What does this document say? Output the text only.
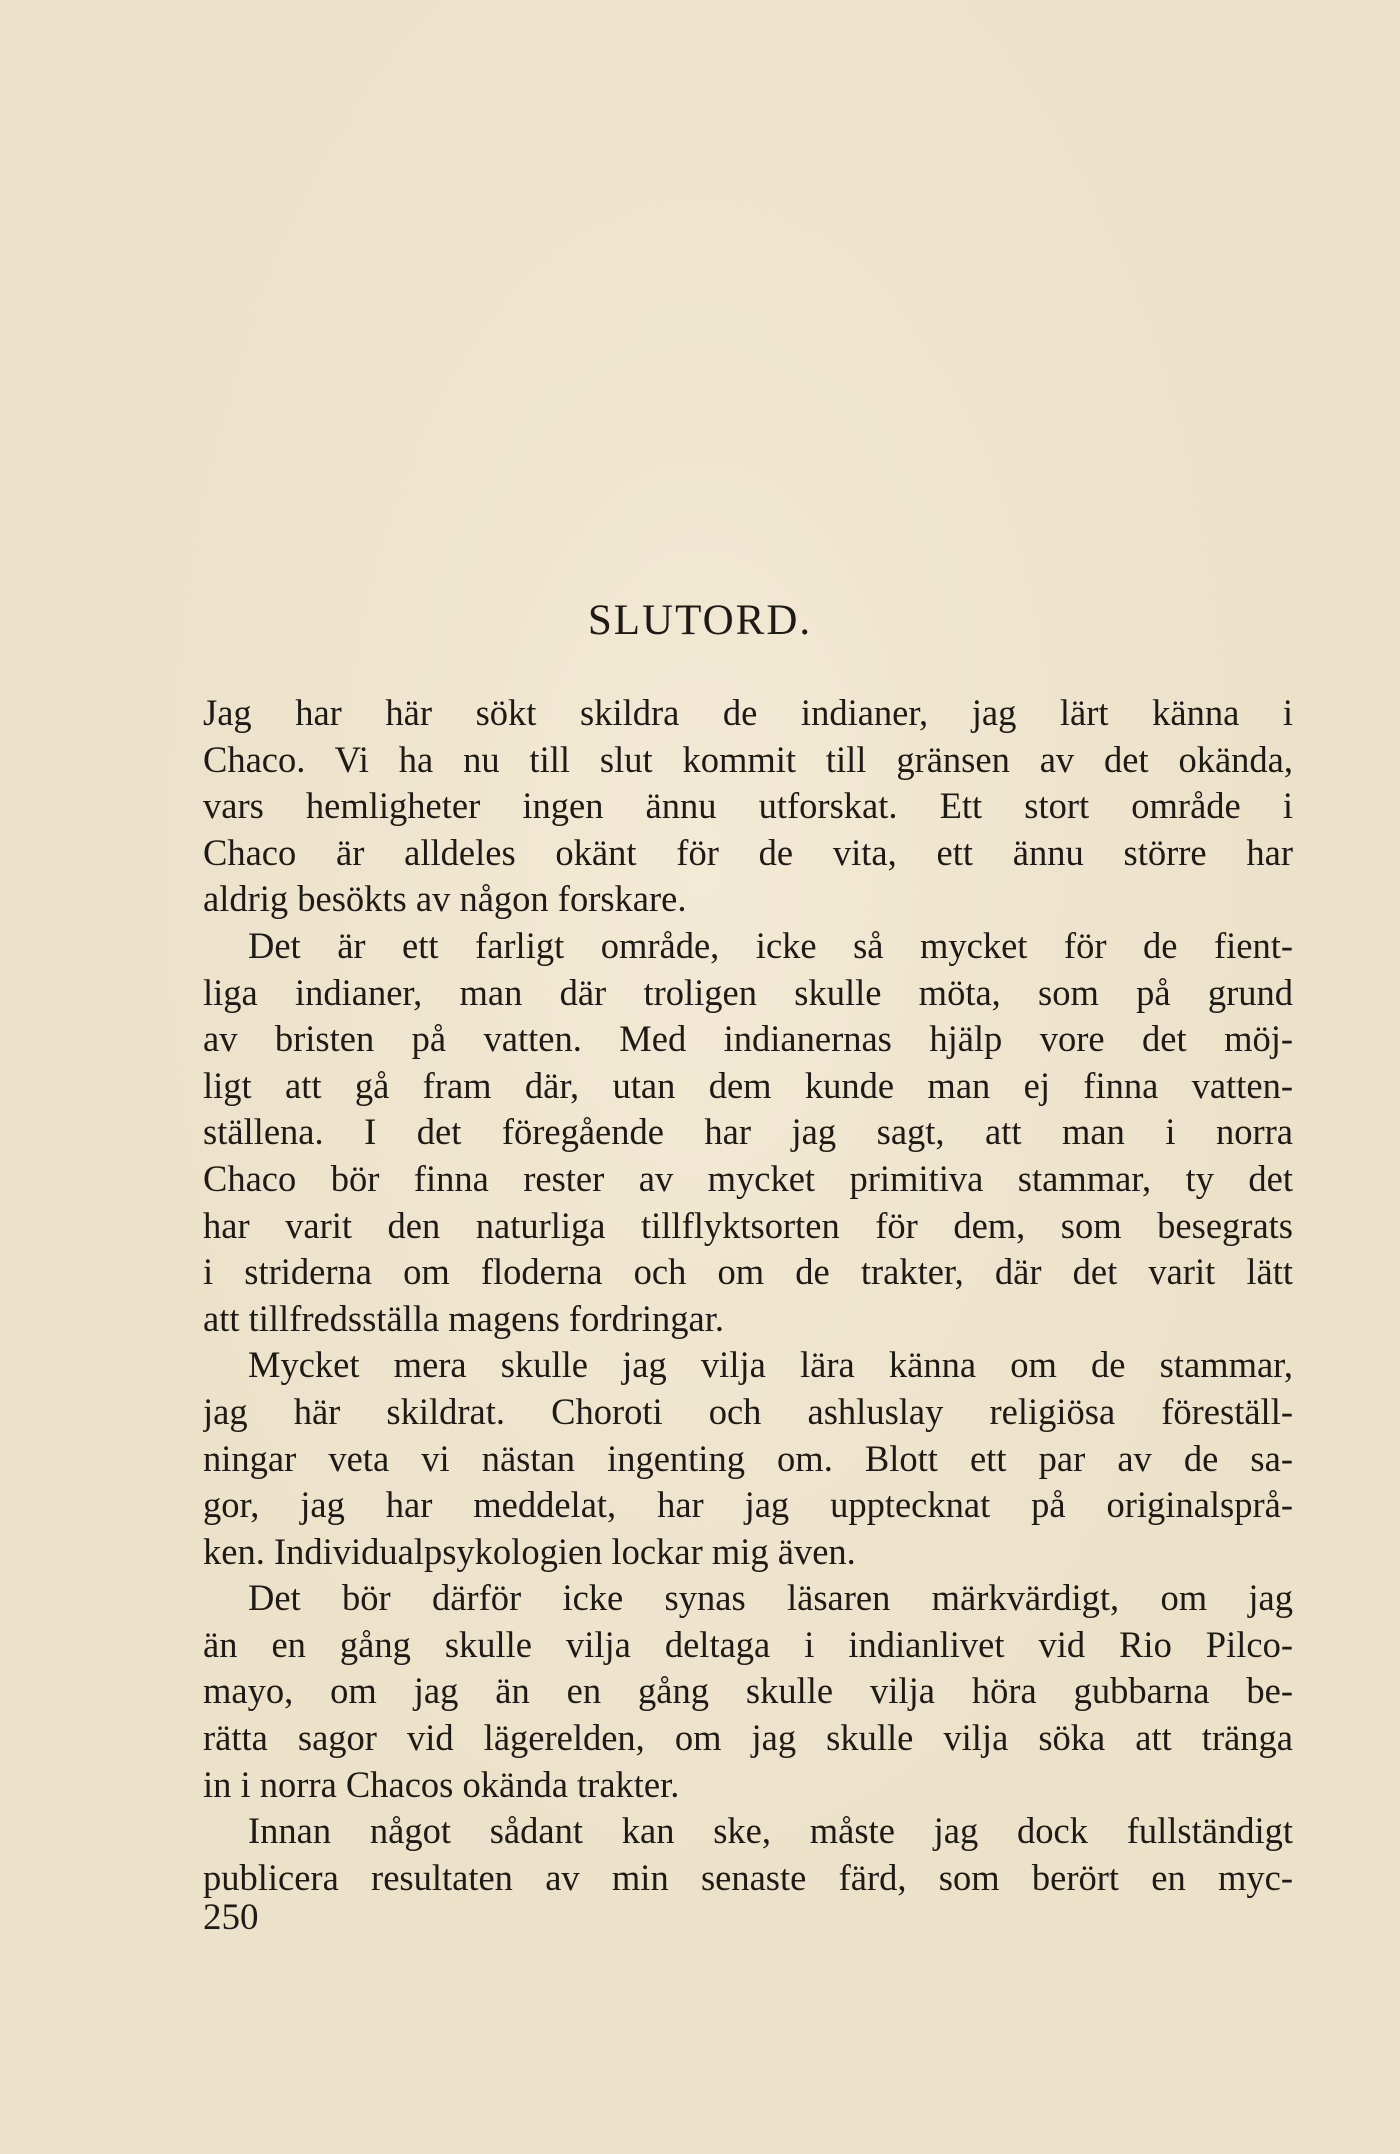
SLUTORD.
Jag har här sökt skildra de indianer, jag lärt känna i
Chaco. Vi ha nu till slut kommit till gränsen av det okända,
vars hemligheter ingen ännu utforskat. Ett stort område i
Chaco är alldeles okänt för de vita, ett ännu större har
aldrig besökts av någon forskare.
Det är ett farligt område, icke så mycket för de fient-
liga indianer, man där troligen skulle möta, som på grund
av bristen på vatten. Med indianernas hjälp vore det möj-
ligt att gå fram där, utan dem kunde man ej finna vatten-
ställena. I det föregående har jag sagt, att man i norra
Chaco bör finna rester av mycket primitiva stammar, ty det
har varit den naturliga tillflyktsorten för dem, som besegrats
i striderna om floderna och om de trakter, där det varit lätt
att tillfredsställa magens fordringar.
Mycket mera skulle jag vilja lära känna om de stammar,
jag här skildrat. Choroti och ashluslay religiösa föreställ-
ningar veta vi nästan ingenting om. Blott ett par av de sa-
gor, jag har meddelat, har jag upptecknat på originalsprå-
ken. Individualpsykologien lockar mig även.
Det bör därför icke synas läsaren märkvärdigt, om jag
än en gång skulle vilja deltaga i indianlivet vid Rio Pilco-
mayo, om jag än en gång skulle vilja höra gubbarna be-
rätta sagor vid lägerelden, om jag skulle vilja söka att tränga
in i norra Chacos okända trakter.
Innan något sådant kan ske, måste jag dock fullständigt
publicera resultaten av min senaste färd, som berört en myc-
250
